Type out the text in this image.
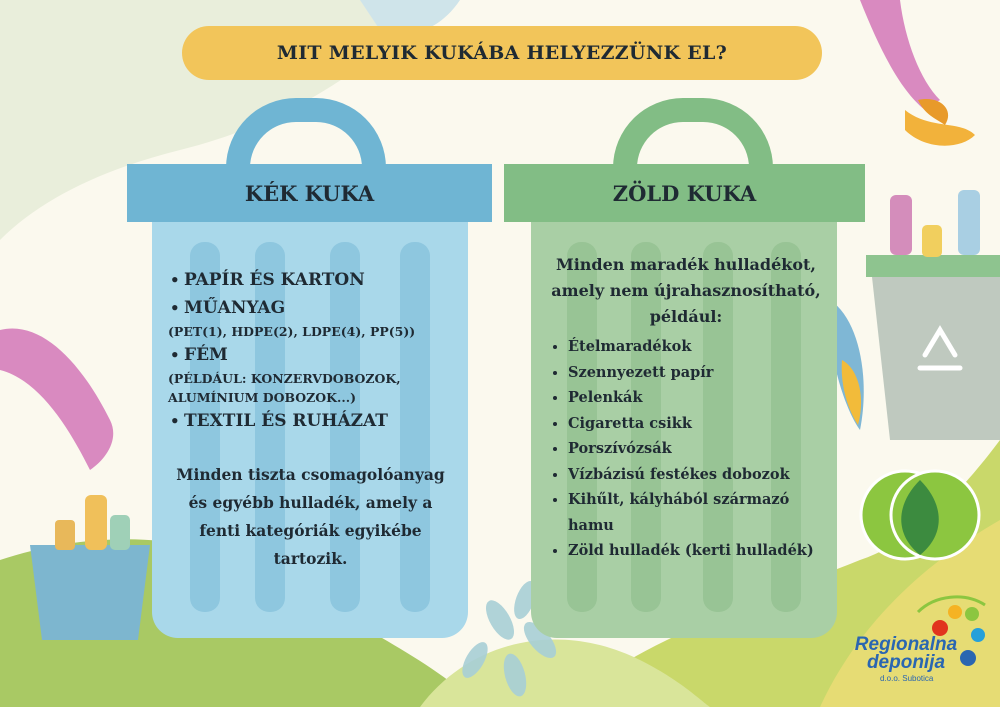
MIT MELYIK KUKÁBA HELYEZZÜNK EL?
KÉK KUKA
• PAPÍR ÉS KARTON
• MŰANYAG
(PET(1), HDPE(2), LDPE(4), PP(5))
• FÉM
(PÉLDÁUL: KONZERVDOBOZOK, ALUMÍNIUM DOBOZOK...)
• TEXTIL ÉS RUHÁZAT
Minden tiszta csomagolóanyag és egyébb hulladék, amely a fenti kategóriák egyikébe tartozik.
ZÖLD KUKA
Minden maradék hulladékot, amely nem újrahasznosítható, például:
• Ételmaradékok
• Szennyezett papír
• Pelenkák
• Cigaretta csikk
• Porszívózsák
• Vízbázisú festékes dobozok
• Kihűlt, kályhából származó hamu
• Zöld hulladék (kerti hulladék)
Regionalna
deponija
d.o.o. Subotica
